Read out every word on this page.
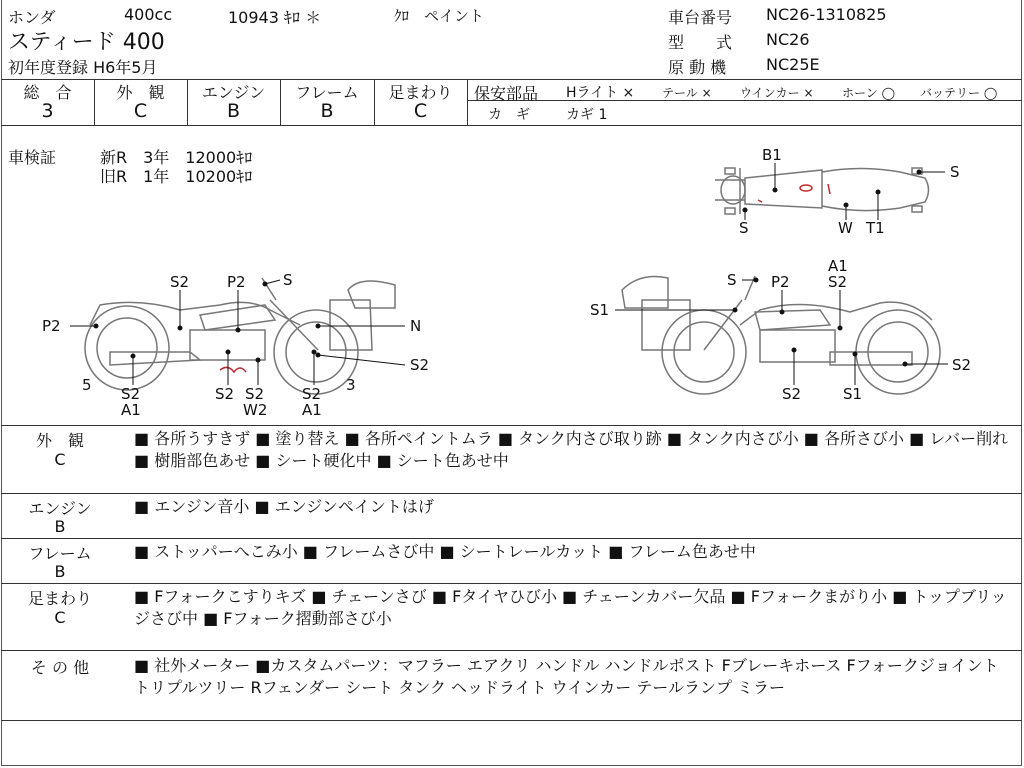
ホンダ	400cc	10943 ｷﾛ ＊	ｸﾛ　ペイント
スティード 400
初年度登録 H6年5月
車台番号 NC26-1310825
型　　式 NC26
原 動 機 NC25E
総　合
3
外　観
C
エンジン
B
フレーム
B
足まわり
C
保安部品 Hライト × テール × ウインカー × ホーン ◯ バッテリー ◯
カ　ギ	カギ 1
車検証	新R　3年　12000ｷﾛ
旧R　1年　10200ｷﾛ
B1
S
S	W T1
S2	P2 S
P2	N
S2
5 S2
A1
S2 S2
W2
S2
A1
3
S P2
A1
S2
S1
S2
S2	S1
外　観
C
■ 各所うすきず ■ 塗り替え ■ 各所ペイントムラ ■ タンク内さび取り跡 ■ タンク内さび小 ■ 各所さび小 ■ レバー削れ ■ 樹脂部色あせ ■ シート硬化中 ■ シート色あせ中
エンジン
B
■ エンジン音小 ■ エンジンペイントはげ
フレーム
B
■ ストッパーへこみ小 ■ フレームさび中 ■ シートレールカット ■ フレーム色あせ中
足まわり
C
■ Fフォークこすりキズ ■ チェーンさび ■ Fタイヤひび小 ■ チェーンカバー欠品 ■ Fフォークまがり小 ■ トップブリッジさび中 ■ Fフォーク摺動部さび小
そ の 他	■ 社外メーター ■カスタムパーツ：マフラー エアクリ ハンドル ハンドルポスト Fブレーキホース Fフォークジョイント トリプルツリー Rフェンダー シート タンク ヘッドライト ウインカー テールランプ ミラー
